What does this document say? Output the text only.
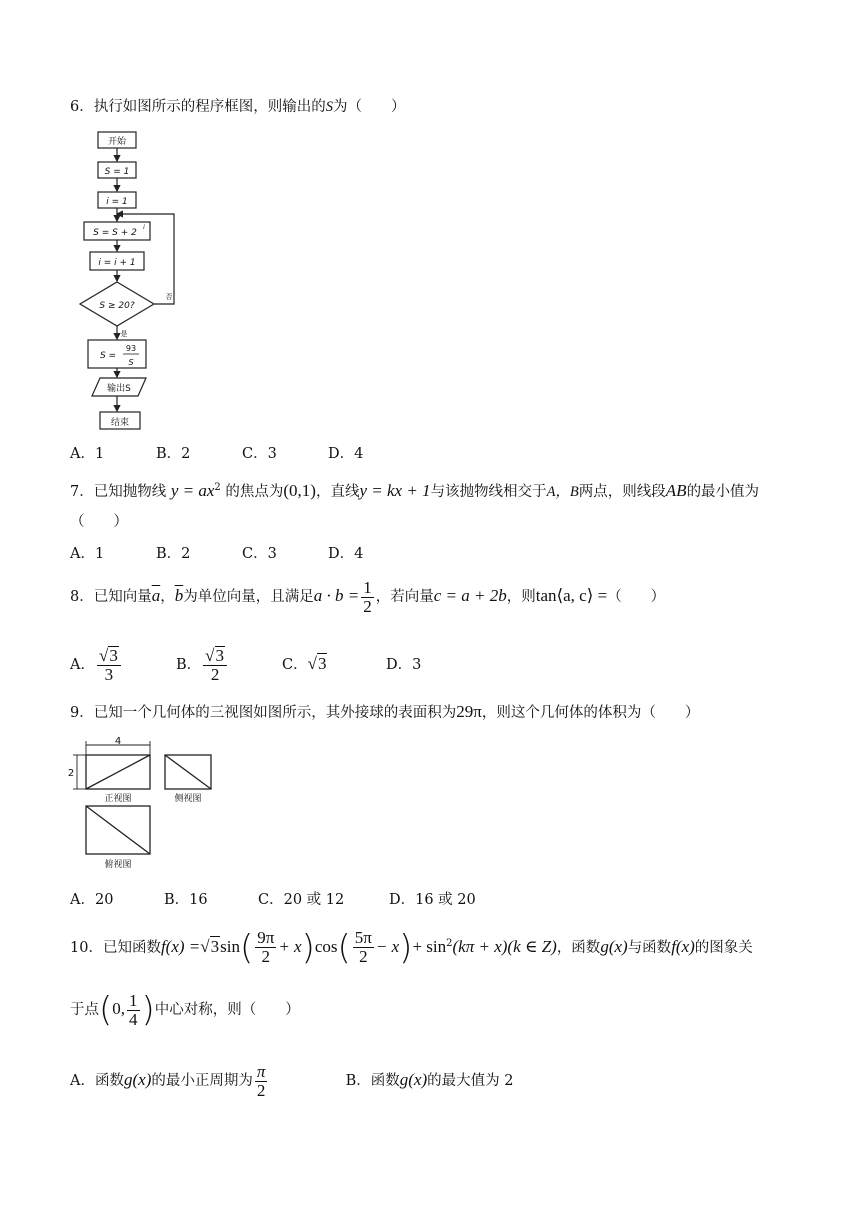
6．执行如图所示的程序框图，则输出的S为（　　）
开始
S = 1
i = 1
S = S + 2
i
i = i + 1
S ≥ 20?
否
是
S =
93
S
输出S
结束
A．1	B．2	C．3	D．4
7．已知抛物线 $y = ax^2$ 的焦点为(0,1)，直线y = kx + 1与该抛物线相交于A，B两点，则线段AB的最小值为
（　　）
A．1	B．2	C．3	D．4
8．已知向量$\overline{a}$，$\overline{b}$为单位向量，且满足$a \cdot b = \frac{1}{2}$ ，若向量c = a + 2b，则tan⟨a, c⟩ =（　　）
A． $\frac{√3}{3}$	B． $\frac{√3}{2}$	C．√3	D．3
9．已知一个几何体的三视图如图所示，其外接球的表面积为29π，则这个几何体的体积为（　　）
4
2
正视图	侧视图
俯视图
A．20	B．16	C．20 或 12	D．16 或 20
10．已知函数$f(x) =√3\sin( \frac{9\pi}{2} + x)\cos( \frac{5\pi}{2} - x)+ \sin^2(k\pi + x)(k$ ∈ Z)，函数g(x)与函数f(x)的图象关
于点(0, $\frac{1}{4}$ )中心对称，则（　　）
A．函数g(x)的最小正周期为 $\frac{\pi}{2}$	B．函数g(x)的最大值为 2
